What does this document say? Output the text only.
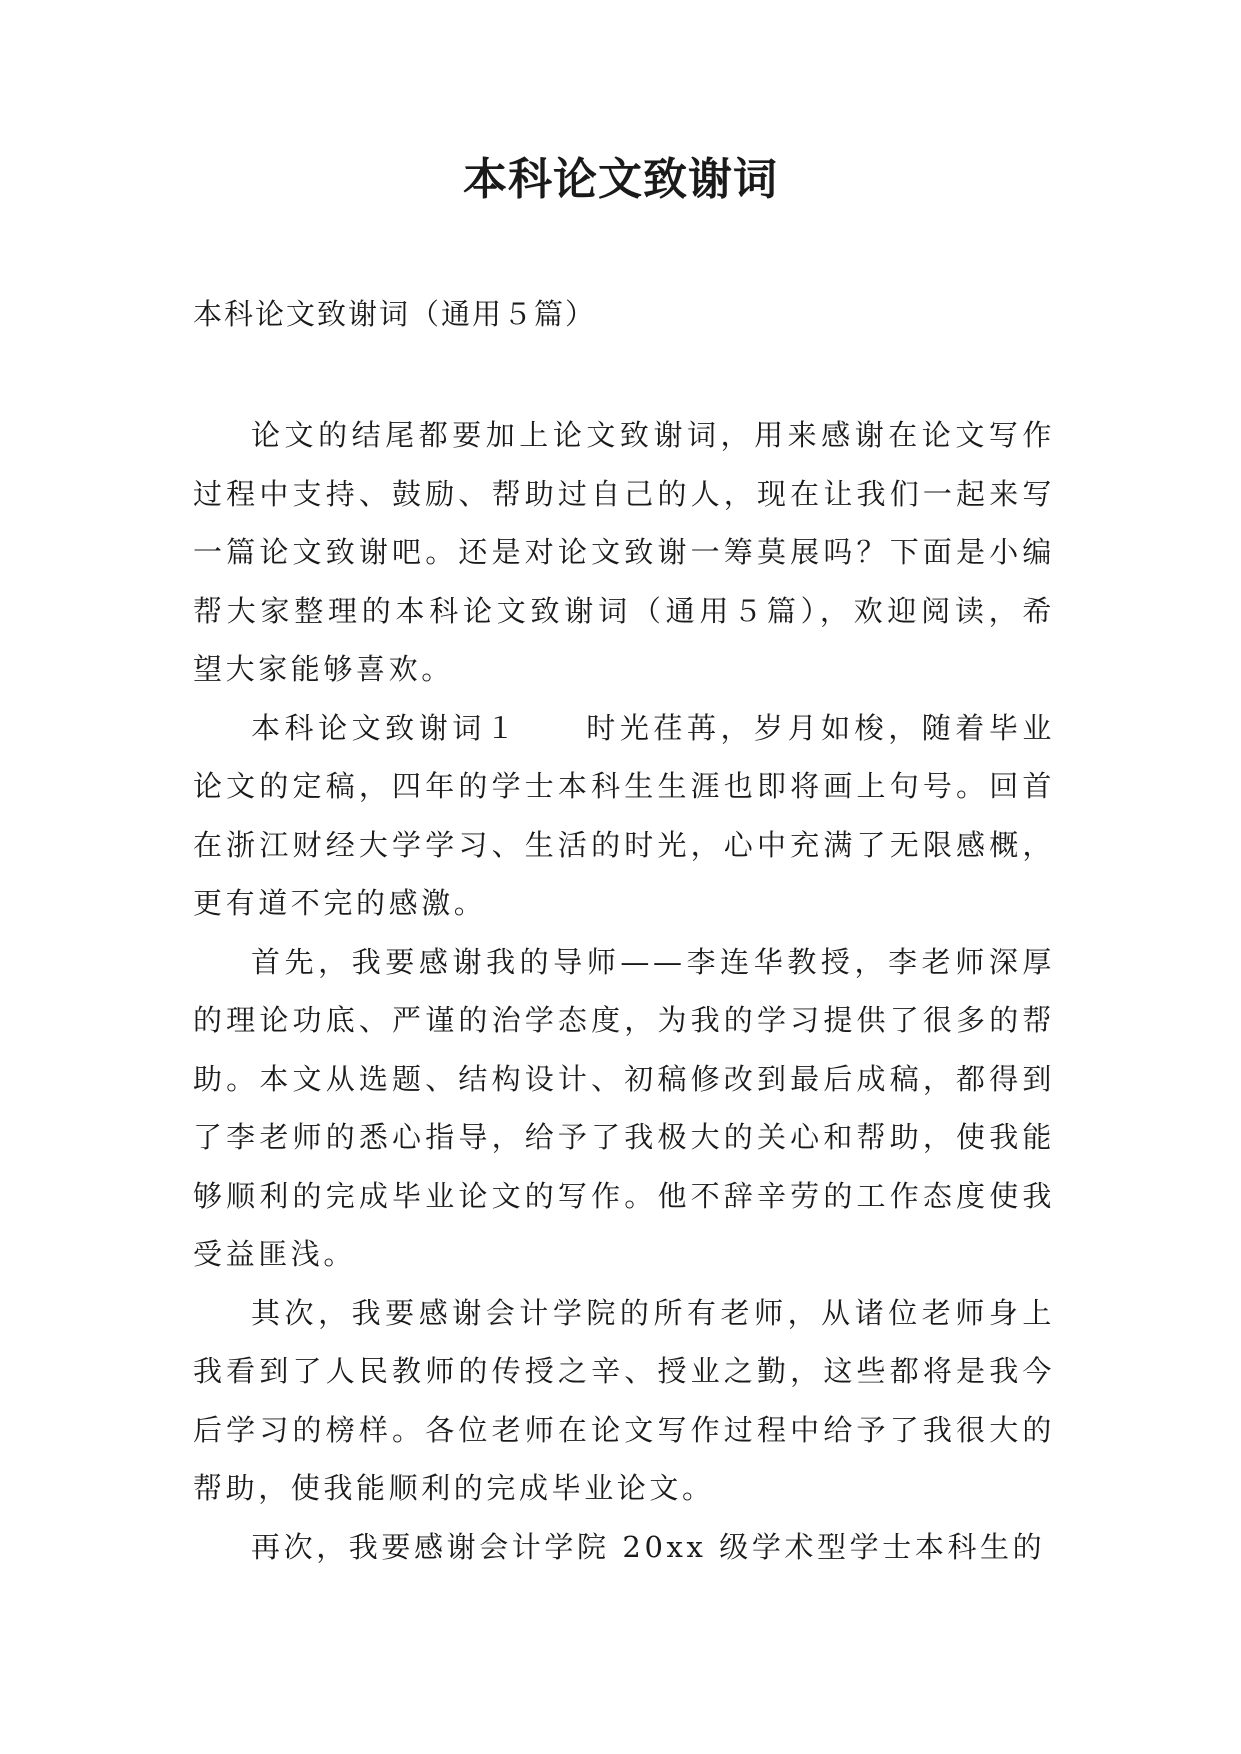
本科论文致谢词

本科论文致谢词（通用５篇）

论文的结尾都要加上论文致谢词，用来感谢在论文写作过程中支持、鼓励、帮助过自己的人，现在让我们一起来写一篇论文致谢吧。还是对论文致谢一筹莫展吗？下面是小编帮大家整理的本科论文致谢词（通用５篇），欢迎阅读，希望大家能够喜欢。

本科论文致谢词１ 时光荏苒，岁月如梭，随着毕业论文的定稿，四年的学士本科生生涯也即将画上句号。回首在浙江财经大学学习、生活的时光，心中充满了无限感概，更有道不完的感激。

首先，我要感谢我的导师——李连华教授，李老师深厚的理论功底、严谨的治学态度，为我的学习提供了很多的帮助。本文从选题、结构设计、初稿修改到最后成稿，都得到了李老师的悉心指导，给予了我极大的关心和帮助，使我能够顺利的完成毕业论文的写作。他不辞辛劳的工作态度使我受益匪浅。

其次，我要感谢会计学院的所有老师，从诸位老师身上我看到了人民教师的传授之辛、授业之勤，这些都将是我今后学习的榜样。各位老师在论文写作过程中给予了我很大的帮助，使我能顺利的完成毕业论文。

再次，我要感谢会计学院 20xx 级学术型学士本科生的
